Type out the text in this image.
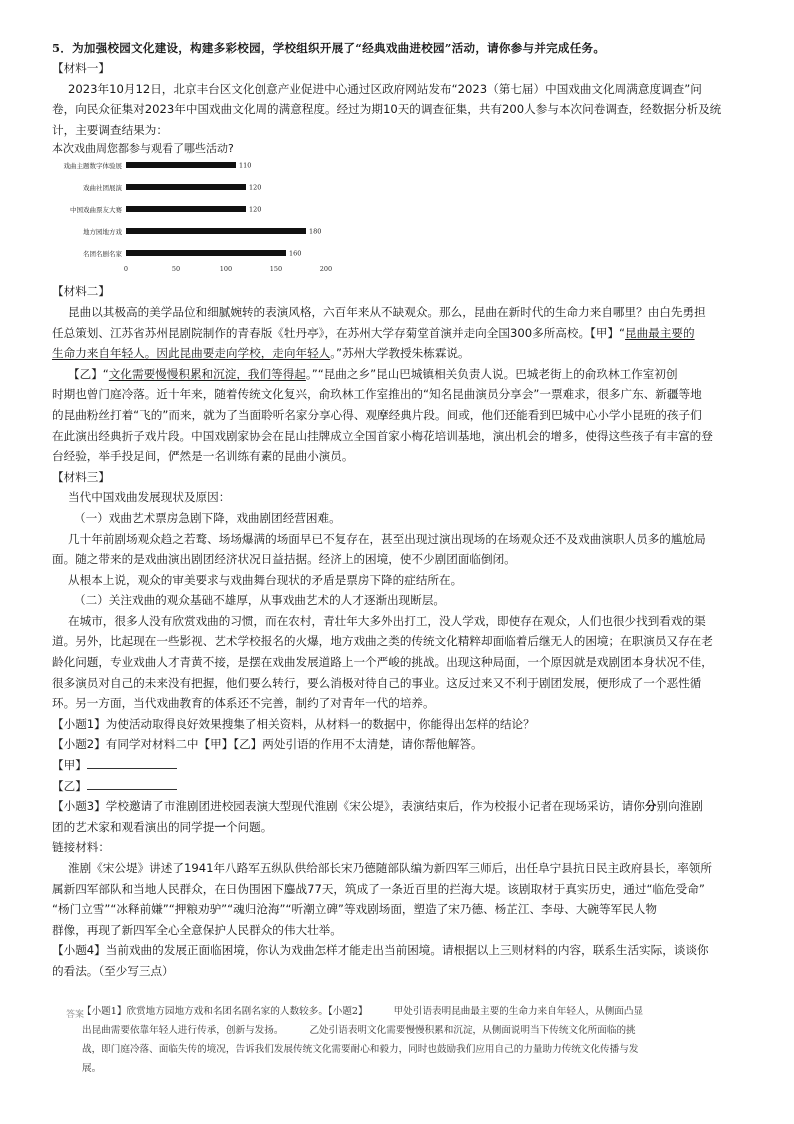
5．为加强校园文化建设，构建多彩校园，学校组织开展了“经典戏曲进校园”活动，请你参与并完成任务。
【材料一】
2023年10月12日，北京丰台区文化创意产业促进中心通过区政府网站发布“2023（第七届）中国戏曲文化周满意度调查”问
卷，向民众征集对2023年中国戏曲文化周的满意程度。经过为期10天的调查征集，共有200人参与本次问卷调查，经数据分析及统
计，主要调查结果为：
本次戏曲周您都参与观看了哪些活动?
戏曲主题数字体验展	110
戏曲社团展演	120
中国戏曲票友大赛	120
地方园地方戏	180
名团名剧名家	160
0	50	100	150	200
【材料二】
昆曲以其极高的美学品位和细腻婉转的表演风格，六百年来从不缺观众。那么，昆曲在新时代的生命力来自哪里？由白先勇担
任总策划、江苏省苏州昆剧院制作的青春版《牡丹亭》，在苏州大学存菊堂首演并走向全国300多所高校。【甲】“昆曲最主要的
生命力来自年轻人。因此昆曲要走向学校，走向年轻人。”苏州大学教授朱栋霖说。
【乙】“文化需要慢慢积累和沉淀，我们等得起。”“昆曲之乡”昆山巴城镇相关负责人说。巴城老街上的俞玖林工作室初创
时期也曾门庭冷落。近十年来，随着传统文化复兴，俞玖林工作室推出的“知名昆曲演员分享会”一票难求，很多广东、新疆等地
的昆曲粉丝打着“飞的”而来，就为了当面聆听名家分享心得、观摩经典片段。间或，他们还能看到巴城中心小学小昆班的孩子们
在此演出经典折子戏片段。中国戏剧家协会在昆山挂牌成立全国首家小梅花培训基地，演出机会的增多，使得这些孩子有丰富的登
台经验，举手投足间，俨然是一名训练有素的昆曲小演员。
【材料三】
当代中国戏曲发展现状及原因：
（一）戏曲艺术票房急剧下降，戏曲剧团经营困难。
几十年前剧场观众趋之若鹜、场场爆满的场面早已不复存在，甚至出现过演出现场的在场观众还不及戏曲演职人员多的尴尬局
面。随之带来的是戏曲演出剧团经济状况日益拮据。经济上的困境，使不少剧团面临倒闭。
从根本上说，观众的审美要求与戏曲舞台现状的矛盾是票房下降的症结所在。
（二）关注戏曲的观众基础不雄厚，从事戏曲艺术的人才逐渐出现断层。
在城市，很多人没有欣赏戏曲的习惯，而在农村，青壮年大多外出打工，没人学戏，即使存在观众，人们也很少找到看戏的渠
道。另外，比起现在一些影视、艺术学校报名的火爆，地方戏曲之类的传统文化精粹却面临着后继无人的困境；在职演员又存在老
龄化问题，专业戏曲人才青黄不接，是摆在戏曲发展道路上一个严峻的挑战。出现这种局面，一个原因就是戏剧团本身状况不佳，
很多演员对自己的未来没有把握，他们要么转行，要么消极对待自己的事业。这反过来又不利于剧团发展，便形成了一个恶性循
环。另一方面，当代戏曲教育的体系还不完善，制约了对青年一代的培养。
【小题1】为使活动取得良好效果搜集了相关资料，从材料一的数据中，你能得出怎样的结论？
【小题2】有同学对材料二中【甲】【乙】两处引语的作用不太清楚，请你帮他解答。
【甲】
【乙】
【小题3】学校邀请了市淮剧团进校园表演大型现代淮剧《宋公堤》，表演结束后，作为校报小记者在现场采访，请你分别向淮剧
团的艺术家和观看演出的同学提一个问题。
链接材料：
淮剧《宋公堤》讲述了1941年八路军五纵队供给部长宋乃德随部队编为新四军三师后，出任阜宁县抗日民主政府县长，率领所
属新四军部队和当地人民群众，在日伪围困下鏖战77天，筑成了一条近百里的拦海大堤。该剧取材于真实历史，通过“临危受命”
“杨门立雪”“冰释前嫌”“押粮劝驴”“魂归沧海”“听潮立碑”等戏剧场面，塑造了宋乃德、杨芷江、李母、大碗等军民人物
群像，再现了新四军全心全意保护人民群众的伟大壮举。
【小题4】当前戏曲的发展正面临困境，你认为戏曲怎样才能走出当前困境。请根据以上三则材料的内容，联系生活实际，谈谈你
的看法。（至少写三点）
答案
【小题1】欣赏地方园地方戏和名团名剧名家的人数较多。【小题2】	甲处引语表明昆曲最主要的生命力来自年轻人，从侧面凸显
出昆曲需要依靠年轻人进行传承，创新与发扬。	乙处引语表明文化需要慢慢积累和沉淀，从侧面说明当下传统文化所面临的挑
战，即门庭冷落、面临失传的境况，告诉我们发展传统文化需要耐心和毅力，同时也鼓励我们应用自己的力量助力传统文化传播与发
展。
